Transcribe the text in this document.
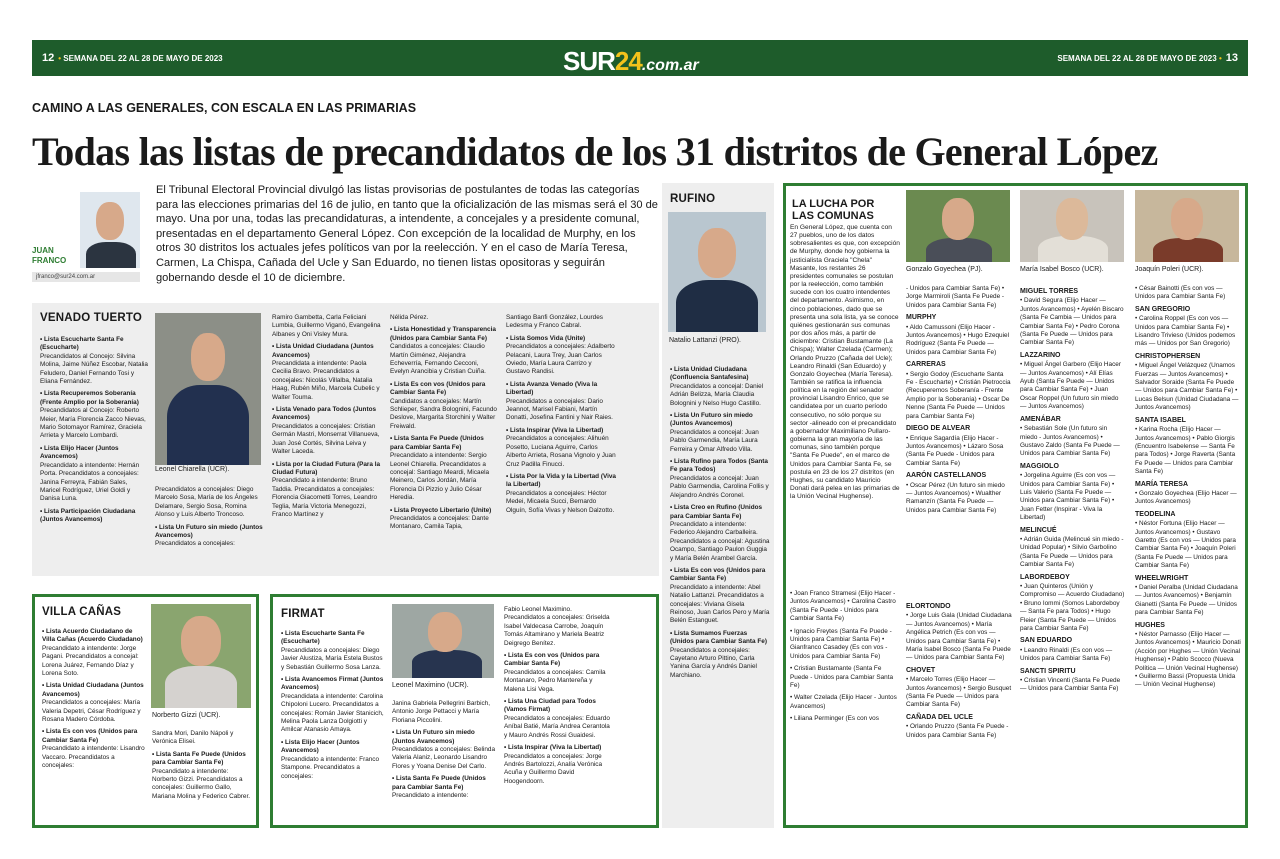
12 • SEMANA DEL 22 AL 28 DE MAYO DE 2023	SEMANA DEL 22 AL 28 DE MAYO DE 2023 • 13
SUR24.com.ar
CAMINO A LAS GENERALES, CON ESCALA EN LAS PRIMARIAS
Todas las listas de precandidatos de los 31 distritos de General López
JUAN
FRANCO
jfranco@sur24.com.ar
El Tribunal Electoral Provincial divulgó las listas provisorias de postulantes de todas las categorías para las elecciones primarias del 16 de julio, en tanto que la oficialización de las mismas será el 30 de mayo. Una por una, todas las precandidaturas, a intendente, a concejales y a presidente comunal, presentadas en el departamento General López. Con excepción de la localidad de Murphy, en los otros 30 distritos los actuales jefes políticos van por la reelección. Y en el caso de María Teresa, Carmen, La Chispa, Cañada del Ucle y San Eduardo, no tienen listas opositoras y seguirán gobernando desde el 10 de diciembre.
VENADO TUERTO
Leonel Chiarella (UCR).
• Lista Escucharte Santa Fe (Escucharte)
Precandidatos al Concejo: Silvina Molina, Jaime Núñez Escobar, Natalia Feludero, Daniel Fernando Tosi y Eliana Fernández.
• Lista Recuperemos Soberanía (Frente Amplio por la Soberanía)
Precandidatos al Concejo: Roberto Meier, María Florencia Zacco Nievas, Mario Sotomayor Ramírez, Graciela Arrieta y Marcelo Lombardi.
• Lista Elijo Hacer (Juntos Avancemos)
Precandidato a intendente: Hernán Porta. Precandidatos a concejales: Janina Ferreyra, Fabián Sales, Maricel Rodríguez, Uriel Goldi y Danisa Luna.
• Lista Participación Ciudadana (Juntos Avancemos)
Precandidatos a concejales: Diego Marcelo Sosa, María de los Ángeles Delamare, Sergio Sosa, Romina Alonso y Luis Alberto Troncoso.
• Lista Un Futuro sin miedo (Juntos Avancemos)
Precandidatos a concejales:
Ramiro Gambetta, Carla Feliciani Lumbia, Guillermo Viganó, Evangelina Albanes y Oni Visley Mura.
• Lista Unidad Ciudadana (Juntos Avancemos)
Precandidata a intendente: Paola Cecilia Bravo. Precandidatos a concejales: Nicolás Villalba, Natalia Haag, Rubén Miño, Marcela Cubelic y Walter Touma.
• Lista Venado para Todos (Juntos Avancemos)
Precandidatos a concejales: Cristian Germán Mastri, Monserrat Villanueva, Juan José Cortés, Silvina Leiva y Walter Laceda.
• Lista por la Ciudad Futura (Para la Ciudad Futura)
Precandidato a intendente: Bruno Taddia. Precandidatos a concejales: Florencia Giacometti Torres, Leandro Teglia, María Victoria Menegozzi, Franco Martínez y
Nélida Pérez.
• Lista Honestidad y Transparencia (Unidos para Cambiar Santa Fe)
Candidatos a concejales: Claudio Martín Giménez, Alejandra Echeverría, Fernando Cecconi, Evelyn Arancibia y Cristian Cuiña.
• Lista Es con vos (Unidos para Cambiar Santa Fe)
Candidatos a concejales: Martín Schlieper, Sandra Bolognini, Facundo Deslove, Margarita Storchini y Walter Freiwald.
• Lista Santa Fe Puede (Unidos para Cambiar Santa Fe)
Precandidato a intendente: Sergio Leonel Chiarella. Precandidatos a concejal: Santiago Meardi, Micaela Meinero, Carlos Jordán, María Florencia Di Pizzio y Julio César Heredia.
• Lista Proyecto Libertario (Unite)
Precandidatos a concejales: Dante Montanaro, Camila Tapia,
Santiago Banfi González, Lourdes Ledesma y Franco Cabral.
• Lista Somos Vida (Unite)
Precandidatos a concejales: Adalberto Pelacani, Laura Trey, Juan Carlos Oviedo, María Laura Carrizo y Gustavo Randisi.
• Lista Avanza Venado (Viva la Libertad)
Precandidatos a concejales: Dario Jeannot, Marisel Fabiani, Martín Donatti, Josefina Fantini y Nair Raies.
• Lista Inspirar (Viva la Libertad)
Precandidatos a concejales: Alihuén Posetto, Luciana Aguirre, Carlos Alberto Arrieta, Rosana Vignolo y Juan Cruz Padilla Finucci.
• Lista Por la Vida y la Libertad (Viva la Libertad)
Precandidatos a concejales: Héctor Medei, Micaela Succi, Bernardo Olguín, Sofía Vivas y Nelson Dalzotto.
RUFINO
Natalio Lattanzi (PRO).
• Lista Unidad Ciudadana (Confluencia Santafesina)
Precandidatos a concejal: Daniel Adrián Belizza, María Claudia Bolognini y Nelso Hugo Castillo.
• Lista Un Futuro sin miedo (Juntos Avancemos)
Precandidatos a concejal: Juan Pablo Garmendia, María Laura Ferreira y Omar Alfredo Villa.
• Lista Rufino para Todos (Santa Fe para Todos)
Precandidatos a concejal: Juan Pablo Garmendia, Carolina Follis y Alejandro Andrés Coronel.
• Lista Creo en Rufino (Unidos para Cambiar Santa Fe)
Precandidato a intendente: Federico Alejandro Carballeira. Precandidatos a concejal: Agustina Ocampo, Santiago Paulon Guggia y María Belén Arambel García.
• Lista Es con vos (Unidos para Cambiar Santa Fe)
Precandidato a intendente: Abel Natalio Lattanzi. Precandidatos a concejales: Viviana Gisela Reinoso, Juan Carlos Pero y María Belén Estanguet.
• Lista Sumamos Fuerzas (Unidos para Cambiar Santa Fe)
Precandidatos a concejales: Cayetano Arturo Pittino, Carla Yanina García y Andrés Daniel Marchiano.
VILLA CAÑAS
Norberto Gizzi (UCR).
• Lista Acuerdo Ciudadano de Villa Cañas (Acuerdo Ciudadano)
Precandidato a intendente: Jorge Pagani. Precandidatos a concejal: Lorena Juárez, Fernando Díaz y Lorena Soto.
• Lista Unidad Ciudadana (Juntos Avancemos)
Precandidatos a concejales: María Valeria Depetri, César Rodríguez y Rosana Madero Córdoba.
• Lista Es con vos (Unidos para Cambiar Santa Fe)
Precandidato a intendente: Lisandro Vaccaro. Precandidatos a concejales:
Sandra Mori, Danilo Nápoli y Verónica Elisei.
• Lista Santa Fe Puede (Unidos para Cambiar Santa Fe)
Precandidato a intendente: Norberto Gizzi. Precandidatos a concejales: Guillermo Gallo, Mariana Molina y Federico Cabrer.
FIRMAT
Leonel Maximino (UCR).
• Lista Escucharte Santa Fe (Escucharte)
Precandidatos a concejales: Diego Javier Alustiza, María Estela Bustos y Sebastián Guillermo Sosa Lanza.
• Lista Avancemos Firmat (Juntos Avancemos)
Precandidata a intendente: Carolina Chipoloni Lucero. Precandidatos a concejales: Román Javier Stanicich, Melina Paola Lanza Dolgiotti y Amilcar Atanasio Amaya.
• Lista Elijo Hacer (Juntos Avancemos)
Precandidato a intendente: Franco Stampone. Precandidatos a concejales:
Janina Gabriela Pellegrini Barbich, Antonio Jorge Pettacci y María Floriana Piccolini.
• Lista Un Futuro sin miedo (Juntos Avancemos)
Precandidatos a concejales: Belinda Valeria Alaniz, Leonardo Lisandro Flores y Yoana Denise Del Carlo.
• Lista Santa Fe Puede (Unidos para Cambiar Santa Fe)
Precandidato a intendente:
Fabio Leonel Maximino. Precandidatos a concejales: Griselda Isabel Valdecasa Carrobe, Joaquín Tomás Altamirano y Mariela Beatriz Deigrego Benítez.
• Lista Es con vos (Unidos para Cambiar Santa Fe)
Precandidatos a concejales: Camila Montanaro, Pedro Mantereña y Malena Lisi Vega.
• Lista Una Ciudad para Todos (Vamos Firmat)
Precandidatos a concejales: Eduardo Aníbal Batié, María Andrea Cerantola y Mauro Andrés Rossi Guaidesi.
• Lista Inspirar (Viva la Libertad)
Precandidatos a concejales: Jorge Andrés Bartolozzi, Analía Verónica Acuña y Guillermo David Hoogendoorn.
LA LUCHA POR LAS COMUNAS
En General López, que cuenta con 27 pueblos, uno de los datos sobresalientes es que, con excepción de Murphy, donde hoy gobierna la justicialista Graciela "Chela" Masante, los restantes 26 presidentes comunales se postulan por la reelección, como también sucede con los cuatro intendentes del departamento. Asimismo, en cinco poblaciones, dado que se presenta una sola lista, ya se conoce quiénes gestionarán sus comunas por dos años más, a partir de diciembre: Cristian Bustamante (La Chispa); Walter Czelada (Carmen); Orlando Pruzzo (Cañada del Ucle); Leandro Rinaldi (San Eduardo) y Gonzalo Goyechea (María Teresa). También se ratifica la influencia política en la región del senador provincial Lisandro Enrico, que se candidatea por un cuarto período consecutivo, no sólo porque su sector -alineado con el precandidato a gobernador Maximiliano Pullaro- gobierna la gran mayoría de las comunas, sino también porque "Santa Fe Puede", en el marco de Unidos para Cambiar Santa Fe, se postula en 23 de los 27 distritos (en Hughes, su candidato Mauricio Donati dará pelea en las primarias de la Unión Vecinal Hughense).
Gonzalo Goyechea (PJ).	María Isabel Bosco (UCR).	Joaquín Poleri (UCR).
• Joan Franco Stramesi (Elijo Hacer - Juntos Avancemos) • Carolina Castro (Santa Fe Puede - Unidos para Cambiar Santa Fe)
• Ignacio Freytes (Santa Fe Puede - Unidos para Cambiar Santa Fe) • Gianfranco Casadey (Es con vos - Unidos para Cambiar Santa Fe)
• Cristian Bustamante (Santa Fe Puede - Unidos para Cambiar Santa Fe)
• Walter Czelada (Elijo Hacer - Juntos Avancemos)
• Liliana Perminger (Es con vos
- Unidos para Cambiar Santa Fe) • Jorge Marmiroli (Santa Fe Puede - Unidos para Cambiar Santa Fe)
MURPHY
• Aldo Camussoni (Elijo Hacer - Juntos Avancemos) • Hugo Ezequiel Rodríguez (Santa Fe Puede — Unidos para Cambiar Santa Fe)
CARRERAS
• Sergio Godoy (Escucharte Santa Fe - Escucharte) • Cristián Pietroccia (Recuperemos Soberanía - Frente Amplio por la Soberanía) • Oscar De Nenne (Santa Fe Puede — Unidos para Cambiar Santa Fe)
DIEGO DE ALVEAR
• Enrique Sagardía (Elijo Hacer - Juntos Avancemos) • Lázaro Sosa (Santa Fe Puede - Unidos para Cambiar Santa Fe)
AARÓN CASTELLANOS
• Oscar Pérez (Un futuro sin miedo — Juntos Avancemos) • Wualther Ramanzín (Santa Fe Puede — Unidos para Cambiar Santa Fe)
ELORTONDO
• Jorge Luis Gala (Unidad Ciudadana — Juntos Avancemos) • María Angélica Petrich (Es con vos — Unidos para Cambiar Santa Fe) • María Isabel Bosco (Santa Fe Puede — Unidos para Cambiar Santa Fe)
CHOVET
• Marcelo Torres (Elijo Hacer — Juntos Avancemos) • Sergio Busquet (Santa Fe Puede — Unidos para Cambiar Santa Fe)
CAÑADA DEL UCLE
• Orlando Pruzzo (Santa Fe Puede -Unidos para Cambiar Santa Fe)
MIGUEL TORRES
• David Segura (Elijo Hacer — Juntos Avancemos) • Ayelén Biscaro (Santa Fe Cambia — Unidos para Cambiar Santa Fe) • Pedro Corona (Santa Fe Puede — Unidos para Cambiar Santa Fe)
LAZZARINO
• Miguel Ángel Garbero (Elijo Hacer — Juntos Avancemos) • Alí Elías Ayub (Santa Fe Puede — Unidos para Cambiar Santa Fe) • Juan Oscar Roppel (Un futuro sin miedo — Juntos Avancemos)
AMENÁBAR
• Sebastián Sole (Un futuro sin miedo - Juntos Avancemos) • Gustavo Zaldo (Santa Fe Puede — Unidos para Cambiar Santa Fe)
MAGGIOLO
• Jorgelina Aguirre (Es con vos — Unidos para Cambiar Santa Fe) • Luis Valerio (Santa Fe Puede — Unidos para Cambiar Santa Fe) • Juan Fetter (Inspirar - Viva la Libertad)
MELINCUÉ
• Adrián Guida (Melincué sin miedo - Unidad Popular) • Silvio Garbolino (Santa Fe Puede — Unidos para Cambiar Santa Fe)
LABORDEBOY
• Juan Quinteros (Unión y Compromiso — Acuerdo Ciudadano) • Bruno Iommi (Somos Labordeboy — Santa Fe para Todos) • Hugo Fleier (Santa Fe Puede — Unidos para Cambiar Santa Fe)
SAN EDUARDO
• Leandro Rinaldi (Es con vos — Unidos para Cambiar Santa Fe)
SANCTI SPIRITU
• Cristian Vincenti (Santa Fe Puede — Unidos para Cambiar Santa Fe)
• César Bainotti (Es con vos — Unidos para Cambiar Santa Fe)
SAN GREGORIO
• Carolina Roppel (Es con vos — Unidos para Cambiar Santa Fe) • Lisandro Trivieso (Unidos podemos más — Unidos por San Gregorio)
CHRISTOPHERSEN
• Miguel Ángel Velázquez (Unamos Fuerzas — Juntos Avancemos) • Salvador Soraide (Santa Fe Puede — Unidos para Cambiar Santa Fe) • Lucas Belsun (Unidad Ciudadana — Juntos Avancemos)
SANTA ISABEL
• Karina Rocha (Elijo Hacer — Juntos Avancemos) • Pablo Giorgis (Encuentro Isabelense — Santa Fe para Todos) • Jorge Raverta (Santa Fe Puede — Unidos para Cambiar Santa Fe)
MARÍA TERESA
• Gonzalo Goyechea (Elijo Hacer — Juntos Avancemos)
TEODELINA
• Néstor Fortuna (Elijo Hacer — Juntos Avancemos) • Gustavo Garetto (Es con vos — Unidos para Cambiar Santa Fe) • Joaquín Poleri (Santa Fe Puede — Unidos para Cambiar Santa Fe)
WHEELWRIGHT
• Daniel Peralba (Unidad Ciudadana — Juntos Avancemos) • Benjamín Gianetti (Santa Fe Puede — Unidos para Cambiar Santa Fe)
HUGHES
• Néstor Parnasso (Elijo Hacer — Juntos Avancemos) • Mauricio Donati (Acción por Hughes — Unión Vecinal Hughense) • Pablo Scocco (Nueva Política — Unión Vecinal Hughense) • Guillermo Bassi (Propuesta Unida — Unión Vecinal Hughense)
